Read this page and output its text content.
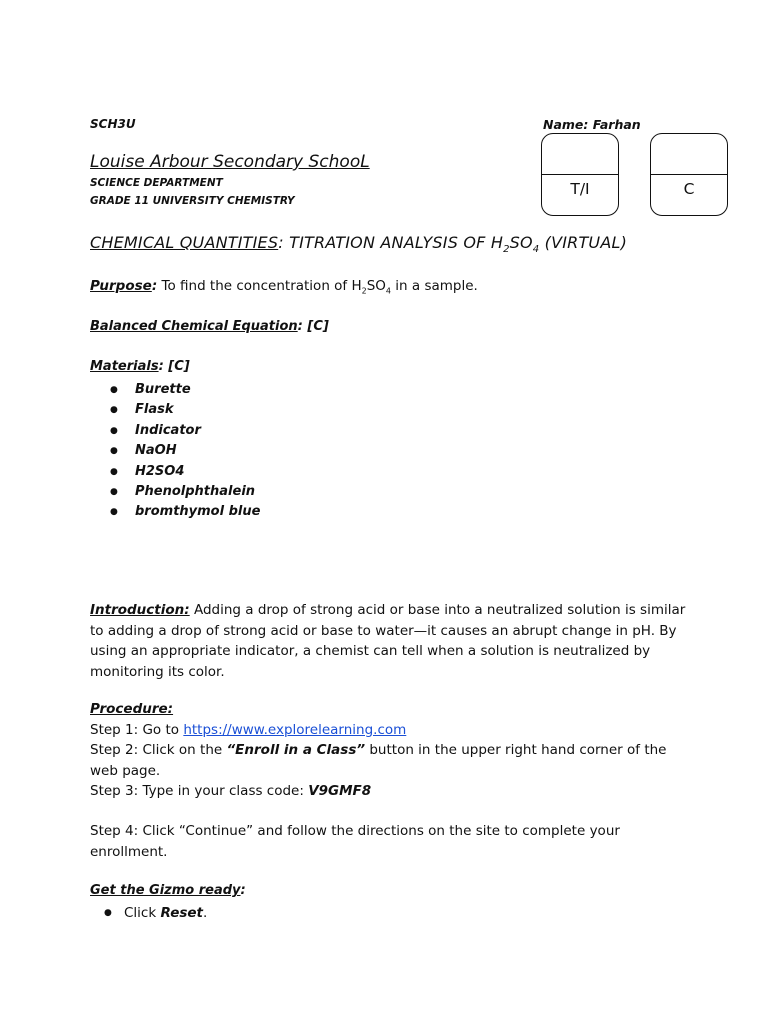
SCH3U	Name: Farhan
Louise Arbour Secondary SchooL
SCIENCE DEPARTMENT
GRADE 11 UNIVERSITY CHEMISTRY
T/I	C
CHEMICAL QUANTITIES: TITRATION ANALYSIS OF $H_2SO_4$ (VIRTUAL)
Purpose: To find the concentration of $H_2SO_4$ in a sample.
Balanced Chemical Equation: [C]
Materials: [C]
● Burette
● Flask
● Indicator
● NaOH
● H2SO4
● Phenolphthalein
● bromthymol blue
Introduction: Adding a drop of strong acid or base into a neutralized solution is similar to adding a drop of strong acid or base to water—it causes an abrupt change in pH. By using an appropriate indicator, a chemist can tell when a solution is neutralized by monitoring its color.
Procedure:
Step 1: Go to https://www.explorelearning.com
Step 2: Click on the “Enroll in a Class” button in the upper right hand corner of the web page.
Step 3: Type in your class code: V9GMF8
Step 4: Click “Continue” and follow the directions on the site to complete your enrollment.
Get the Gizmo ready:
● Click Reset.
